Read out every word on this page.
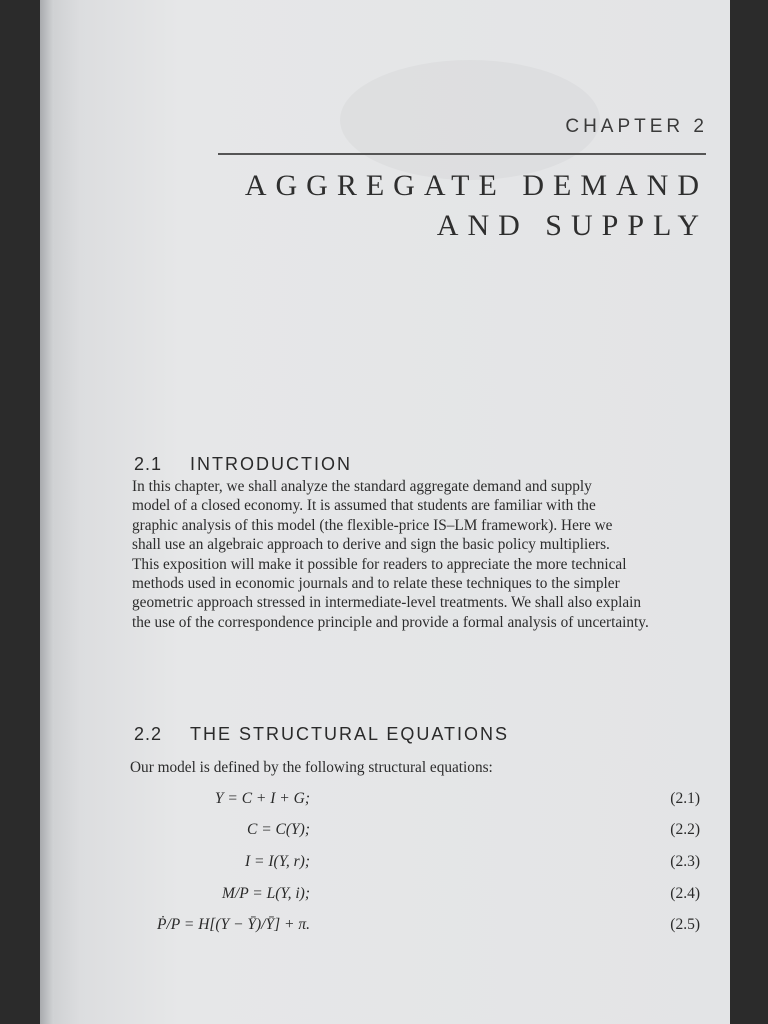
CHAPTER 2
AGGREGATE DEMAND
AND SUPPLY
2.1 INTRODUCTION
In this chapter, we shall analyze the standard aggregate demand and supply
model of a closed economy. It is assumed that students are familiar with the
graphic analysis of this model (the flexible-price IS–LM framework). Here we
shall use an algebraic approach to derive and sign the basic policy multipliers.
This exposition will make it possible for readers to appreciate the more technical
methods used in economic journals and to relate these techniques to the simpler
geometric approach stressed in intermediate-level treatments. We shall also explain
the use of the correspondence principle and provide a formal analysis of uncertainty.
2.2 THE STRUCTURAL EQUATIONS
Our model is defined by the following structural equations:
Y = C + I + G;	(2.1)
C = C(Y);	(2.2)
I = I(Y, r);	(2.3)
M/P = L(Y, i);	(2.4)
Ṗ/P = H[(Y − Ȳ)/Ȳ] + π.	(2.5)
